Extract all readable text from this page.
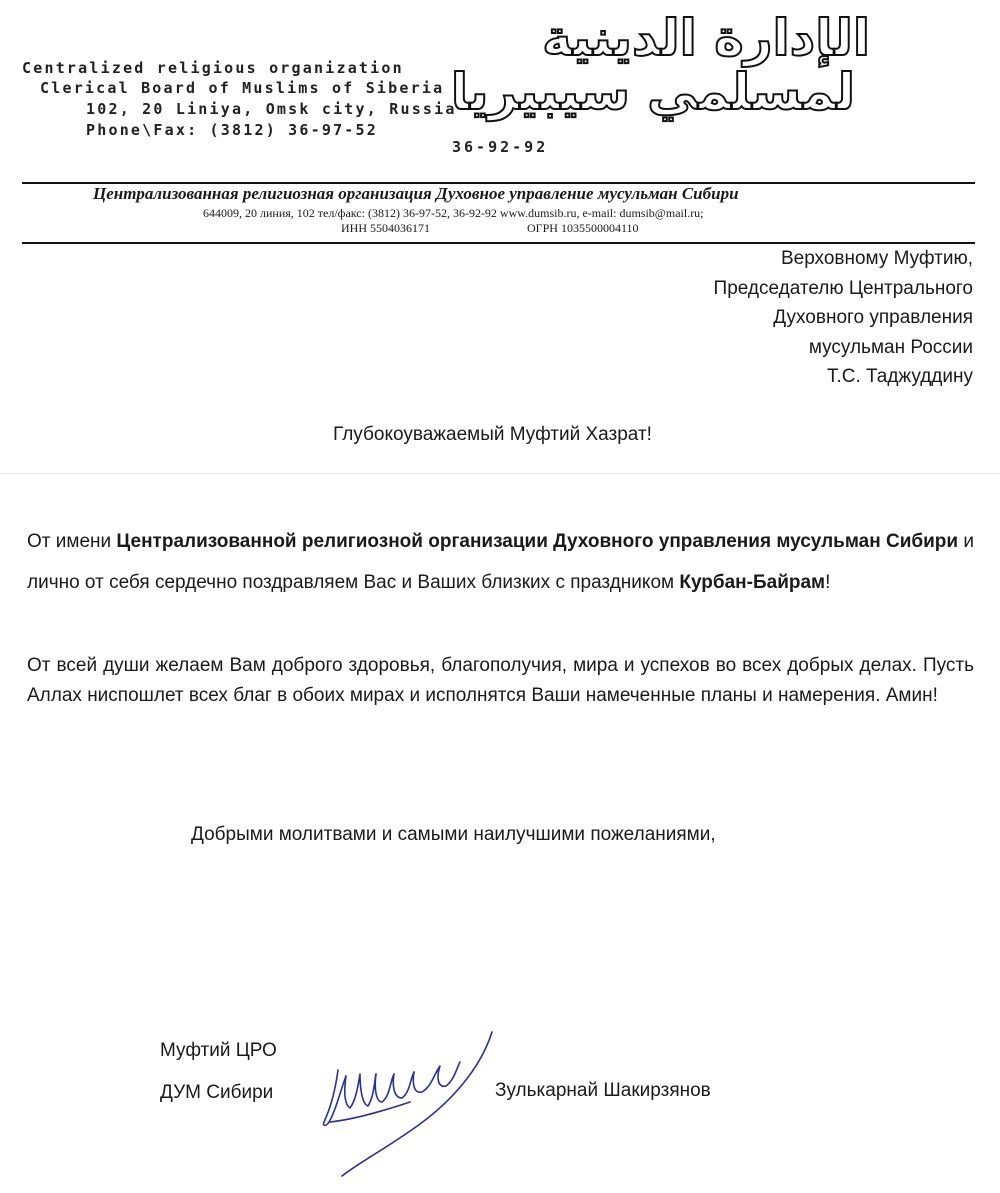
Centralized religious organization
Clerical Board of Muslims of Siberia
102, 20 Liniya, Omsk city, Russia
Phone\Fax: (3812) 36-97-52
36-92-92
الإدارة الدينية
لمسلمي سيبيريا
Централизованная религиозная организация Духовное управление мусульман Сибири
644009, 20 линия, 102 тел/факс: (3812) 36-97-52, 36-92-92 www.dumsib.ru, e-mail: dumsib@mail.ru;
ИНН 5504036171	ОГРН 1035500004110
Верховному Муфтию,
Председателю Центрального
Духовного управления
мусульман России
Т.С. Таджуддину
Глубокоуважаемый Муфтий Хазрат!
От имени Централизованной религиозной организации Духовного управления мусульман Сибири и лично от себя сердечно поздравляем Вас и Ваших близких с праздником Курбан-Байрам!
От всей души желаем Вам доброго здоровья, благополучия, мира и успехов во всех добрых делах. Пусть Аллах ниспошлет всех благ в обоих мирах и исполнятся Ваши намеченные планы и намерения. Амин!
Добрыми молитвами и самыми наилучшими пожеланиями,
Муфтий ЦРО
ДУМ Сибири	Зулькарнай Шакирзянов
